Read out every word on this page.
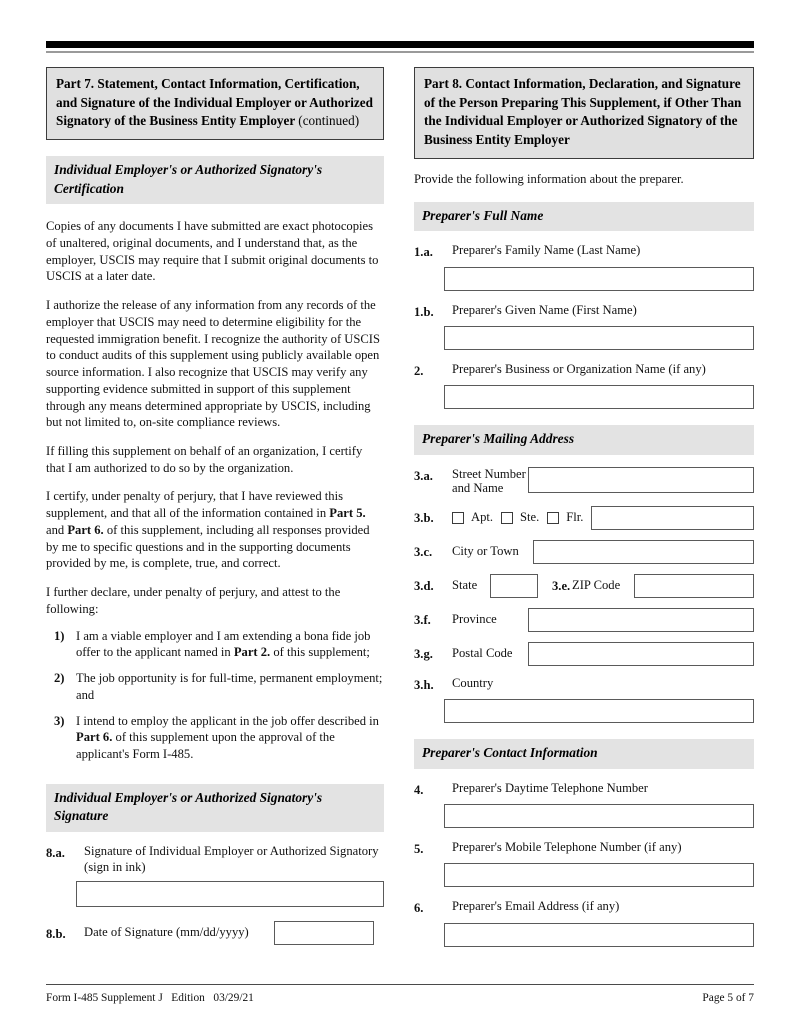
Part 7. Statement, Contact Information, Certification, and Signature of the Individual Employer or Authorized Signatory of the Business Entity Employer (continued)
Individual Employer's or Authorized Signatory's Certification

Copies of any documents I have submitted are exact photocopies of unaltered, original documents, and I understand that, as the employer, USCIS may require that I submit original documents to USCIS at a later date.

I authorize the release of any information from any records of the employer that USCIS may need to determine eligibility for the requested immigration benefit. I recognize the authority of USCIS to conduct audits of this supplement using publicly available open source information. I also recognize that USCIS may verify any supporting evidence submitted in support of this supplement through any means determined appropriate by USCIS, including but not limited to, on-site compliance reviews.

If filling this supplement on behalf of an organization, I certify that I am authorized to do so by the organization.

I certify, under penalty of perjury, that I have reviewed this supplement, and that all of the information contained in Part 5. and Part 6. of this supplement, including all responses provided by me to specific questions and in the supporting documents provided by me, is complete, true, and correct.

I further declare, under penalty of perjury, and attest to the following:

1) I am a viable employer and I am extending a bona fide job offer to the applicant named in Part 2. of this supplement;
2) The job opportunity is for full-time, permanent employment; and
3) I intend to employ the applicant in the job offer described in Part 6. of this supplement upon the approval of the applicant's Form I-485.
Individual Employer's or Authorized Signatory's Signature
8.a.	Signature of Individual Employer or Authorized Signatory (sign in ink)
8.b.	Date of Signature (mm/dd/yyyy)
Part 8. Contact Information, Declaration, and Signature of the Person Preparing This Supplement, if Other Than the Individual Employer or Authorized Signatory of the Business Entity Employer

Provide the following information about the preparer.

Preparer's Full Name
1.a.	Preparer's Family Name (Last Name)
1.b.	Preparer's Given Name (First Name)
2.	Preparer's Business or Organization Name (if any)
Preparer's Mailing Address
3.a.	Street Number
and Name
3.b.	Apt. Ste. Flr.
3.c.	City or Town
3.d.	State	3.e. ZIP Code
3.f.	Province
3.g.	Postal Code
3.h.	Country
Preparer's Contact Information
4.	Preparer's Daytime Telephone Number
5.	Preparer's Mobile Telephone Number (if any)
6.	Preparer's Email Address (if any)
Form I-485 Supplement J   Edition   03/29/21	Page 5 of 7
